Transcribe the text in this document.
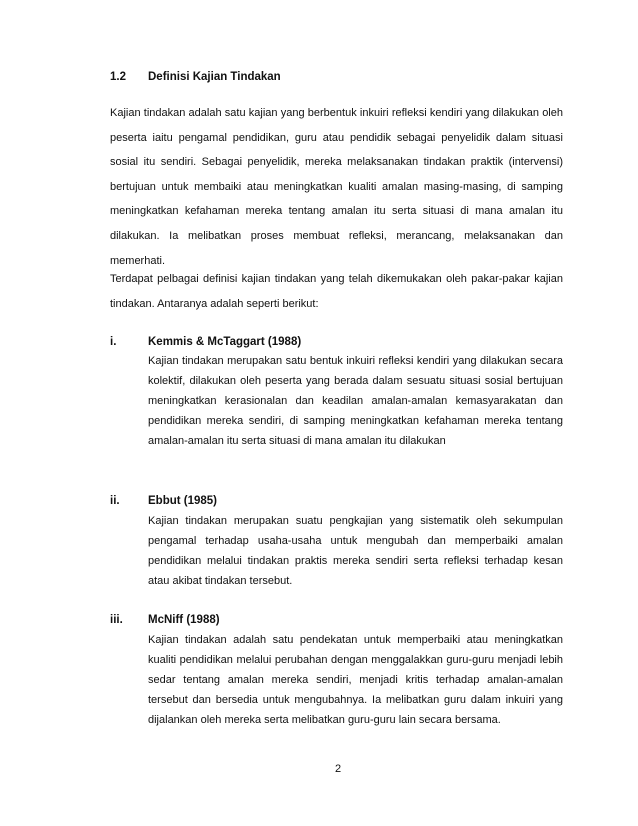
1.2 Definisi Kajian Tindakan
Kajian tindakan adalah satu kajian yang berbentuk inkuiri refleksi kendiri yang dilakukan oleh peserta iaitu pengamal pendidikan, guru atau pendidik sebagai penyelidik dalam situasi sosial itu sendiri. Sebagai penyelidik, mereka melaksanakan tindakan praktik (intervensi) bertujuan untuk membaiki atau meningkatkan kualiti amalan masing-masing, di samping meningkatkan kefahaman mereka tentang amalan itu serta situasi di mana amalan itu dilakukan. Ia melibatkan proses membuat refleksi, merancang, melaksanakan dan memerhati.
Terdapat pelbagai definisi kajian tindakan yang telah dikemukakan oleh pakar-pakar kajian tindakan. Antaranya adalah seperti berikut:
i.	Kemmis & McTaggart (1988)
Kajian tindakan merupakan satu bentuk inkuiri refleksi kendiri yang dilakukan secara kolektif, dilakukan oleh peserta yang berada dalam sesuatu situasi sosial bertujuan meningkatkan kerasionalan dan keadilan amalan-amalan kemasyarakatan dan pendidikan mereka sendiri, di samping meningkatkan kefahaman mereka tentang amalan-amalan itu serta situasi di mana amalan itu dilakukan
ii. Ebbut (1985)
Kajian tindakan merupakan suatu pengkajian yang sistematik oleh sekumpulan pengamal terhadap usaha-usaha untuk mengubah dan memperbaiki amalan pendidikan melalui tindakan praktis mereka sendiri serta refleksi terhadap kesan atau akibat tindakan tersebut.
iii. McNiff (1988)
Kajian tindakan adalah satu pendekatan untuk memperbaiki atau meningkatkan kualiti pendidikan melalui perubahan dengan menggalakkan guru-guru menjadi lebih sedar tentang amalan mereka sendiri, menjadi kritis terhadap amalan-amalan tersebut dan bersedia untuk mengubahnya. Ia melibatkan guru dalam inkuiri yang dijalankan oleh mereka serta melibatkan guru-guru lain secara bersama.
2
